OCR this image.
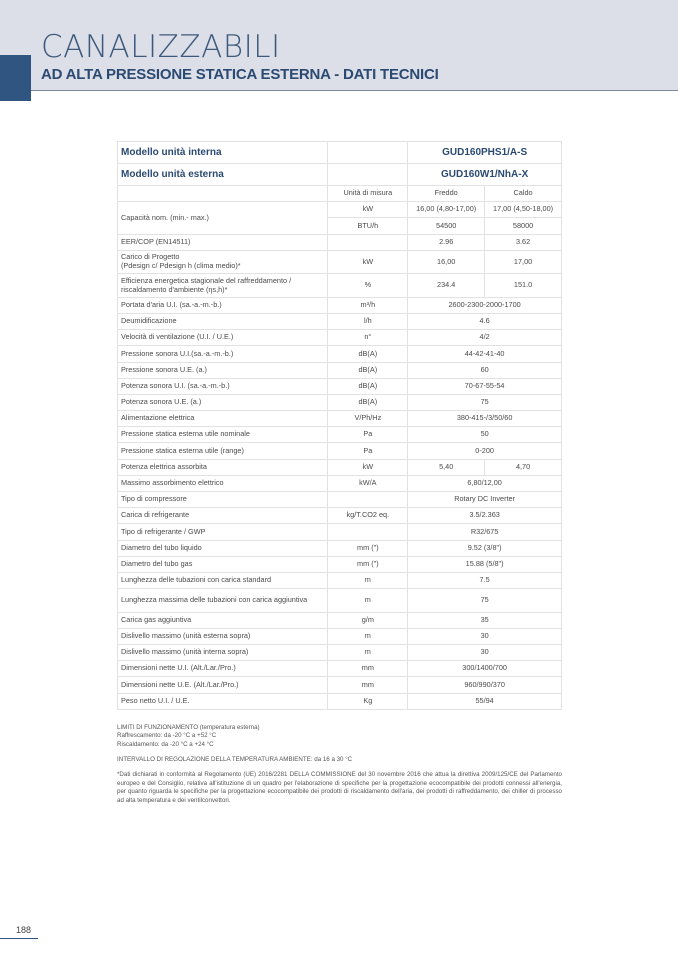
CANALIZZABILI
AD ALTA PRESSIONE STATICA ESTERNA - DATI TECNICI
Modello unità interna		GUD160PHS1/A-S	
Modello unità esterna		GUD160W1/NhA-X	
	Unità di misura	Freddo	Caldo
Capacità nom. (min.- max.)	kW	16,00 (4,80-17,00)	17,00 (4,50-18,00)
	BTU/h	54500	58000
EER/COP (EN14511)		2.96	3.62
Carico di Progetto
(Pdesign c/ Pdesign h (clima medio)*	kW	16,00	17,00
Efficienza energetica stagionale del raffreddamento / riscaldamento d'ambiente (ηs,h)*	%	234.4	151.0
Portata d'aria U.I. (sa.-a.-m.-b.)	m³/h	2600-2300-2000-1700	
Deumidificazione	l/h	4.6	
Velocità di ventilazione (U.I. / U.E.)	n°	4/2	
Pressione sonora U.I.(sa.-a.-m.-b.)	dB(A)	44-42-41-40	
Pressione sonora U.E. (a.)	dB(A)	60	
Potenza sonora U.I. (sa.-a.-m.-b.)	dB(A)	70-67-55-54	
Potenza sonora U.E. (a.)	dB(A)	75	
Alimentazione elettrica	V/Ph/Hz	380-415-/3/50/60	
Pressione statica esterna utile nominale	Pa	50	
Pressione statica esterna utile (range)	Pa	0-200	
Potenza elettrica assorbita	kW	5,40	4,70
Massimo assorbimento elettrico	kW/A	6,80/12,00	
Tipo di compressore		Rotary DC Inverter	
Carica di refrigerante	kg/T.CO2 eq.	3.5/2.363	
Tipo di refrigerante / GWP		R32/675	
Diametro del tubo liquido	mm (")	9.52 (3/8")	
Diametro del tubo gas	mm (")	15.88 (5/8")	
Lunghezza delle tubazioni con carica standard	m	7.5	
Lunghezza massima delle tubazioni con carica aggiuntiva	m	75	
Carica gas aggiuntiva	g/m	35	
Dislivello massimo (unità esterna sopra)	m	30	
Dislivello massimo (unità interna sopra)	m	30	
Dimensioni nette U.I. (Alt./Lar./Pro.)	mm	300/1400/700	
Dimensioni nette U.E. (Alt./Lar./Pro.)	mm	960/990/370	
Peso netto U.I. / U.E.	Kg	55/94	

LIMITI DI FUNZIONAMENTO (temperatura esterna)
Raffrescamento: da -20 °C a +52 °C
Riscaldamento: da -20 °C a +24 °C

INTERVALLO DI REGOLAZIONE DELLA TEMPERATURA AMBIENTE: da 16 a 30 °C

*Dati dichiarati in conformità al Regolamento (UE) 2016/2281 DELLA COMMISSIONE del 30 novembre 2016 che attua la direttiva 2009/125/CE del Parlamento europeo e del Consiglio, relativa all'istituzione di un quadro per l'elaborazione di specifiche per la progettazione ecocompatibile dei prodotti connessi all'energia, per quanto riguarda le specifiche per la progettazione ecocompatibile dei prodotti di riscaldamento dell'aria, dei prodotti di raffreddamento, dei chiller di processo ad alta temperatura e dei ventilconvettori.

188
